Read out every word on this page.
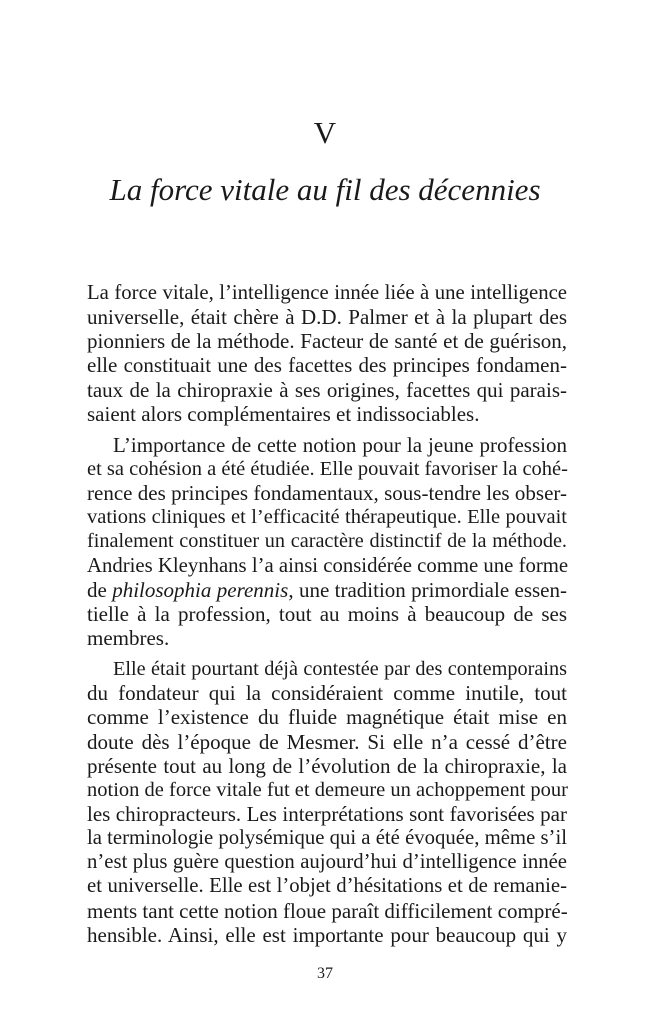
V
La force vitale au fil des décennies
La force vitale, l’intelligence innée liée à une intelligence
universelle, était chère à D.D. Palmer et à la plupart des
pionniers de la méthode. Facteur de santé et de guérison,
elle constituait une des facettes des principes fondamen-
taux de la chiropraxie à ses origines, facettes qui parais-
saient alors complémentaires et indissociables.
L’importance de cette notion pour la jeune profession
et sa cohésion a été étudiée. Elle pouvait favoriser la cohé-
rence des principes fondamentaux, sous-tendre les obser-
vations cliniques et l’efficacité thérapeutique. Elle pouvait
finalement constituer un caractère distinctif de la méthode.
Andries Kleynhans l’a ainsi considérée comme une forme
de philosophia perennis, une tradition primordiale essen-
tielle à la profession, tout au moins à beaucoup de ses
membres.
Elle était pourtant déjà contestée par des contemporains
du fondateur qui la considéraient comme inutile, tout
comme l’existence du fluide magnétique était mise en
doute dès l’époque de Mesmer. Si elle n’a cessé d’être
présente tout au long de l’évolution de la chiropraxie, la
notion de force vitale fut et demeure un achoppement pour
les chiropracteurs. Les interprétations sont favorisées par
la terminologie polysémique qui a été évoquée, même s’il
n’est plus guère question aujourd’hui d’intelligence innée
et universelle. Elle est l’objet d’hésitations et de remanie-
ments tant cette notion floue paraît difficilement compré-
hensible. Ainsi, elle est importante pour beaucoup qui y
37
